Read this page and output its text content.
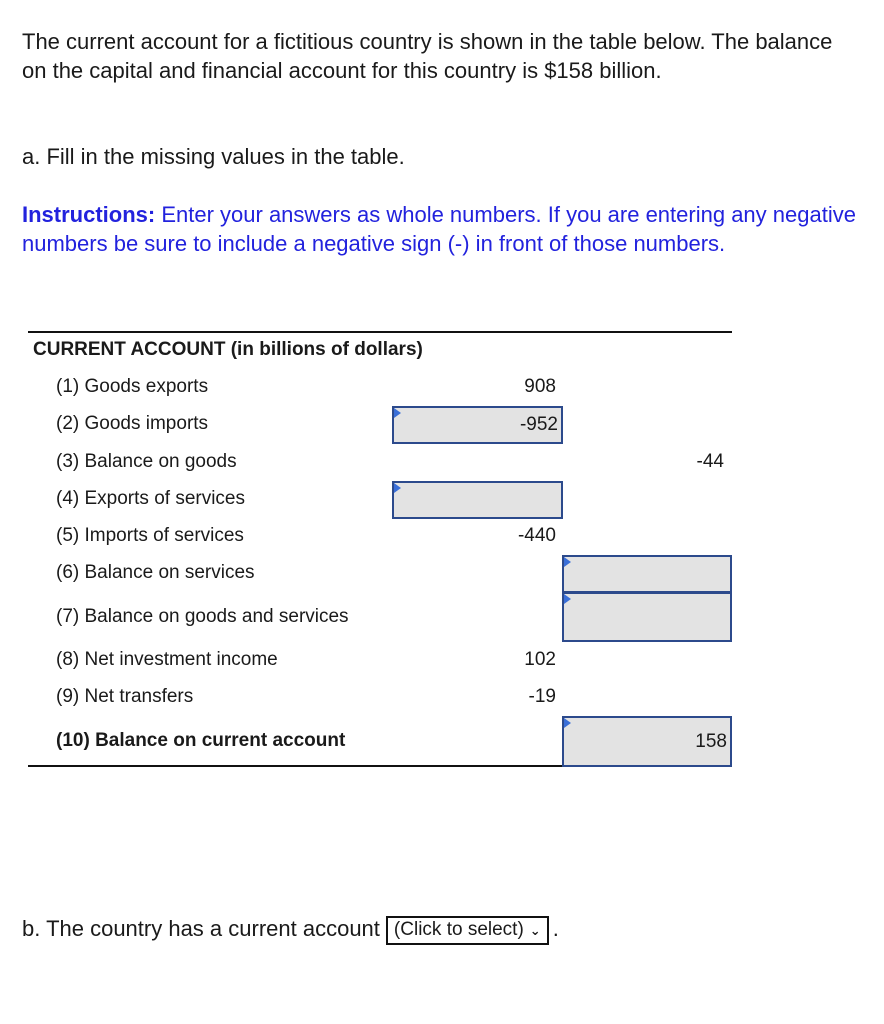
The current account for a fictitious country is shown in the table below. The balance on the capital and financial account for this country is $158 billion.

a. Fill in the missing values in the table.

Instructions: Enter your answers as whole numbers. If you are entering any negative numbers be sure to include a negative sign (-) in front of those numbers.

CURRENT ACCOUNT (in billions of dollars)
(1) Goods exports	908
(2) Goods imports	-952
(3) Balance on goods	-44
(4) Exports of services
(5) Imports of services	-440
(6) Balance on services
(7) Balance on goods and services
(8) Net investment income	102
(9) Net transfers	-19
(10) Balance on current account	158
b. The country has a current account (Click to select) ⌄ .
